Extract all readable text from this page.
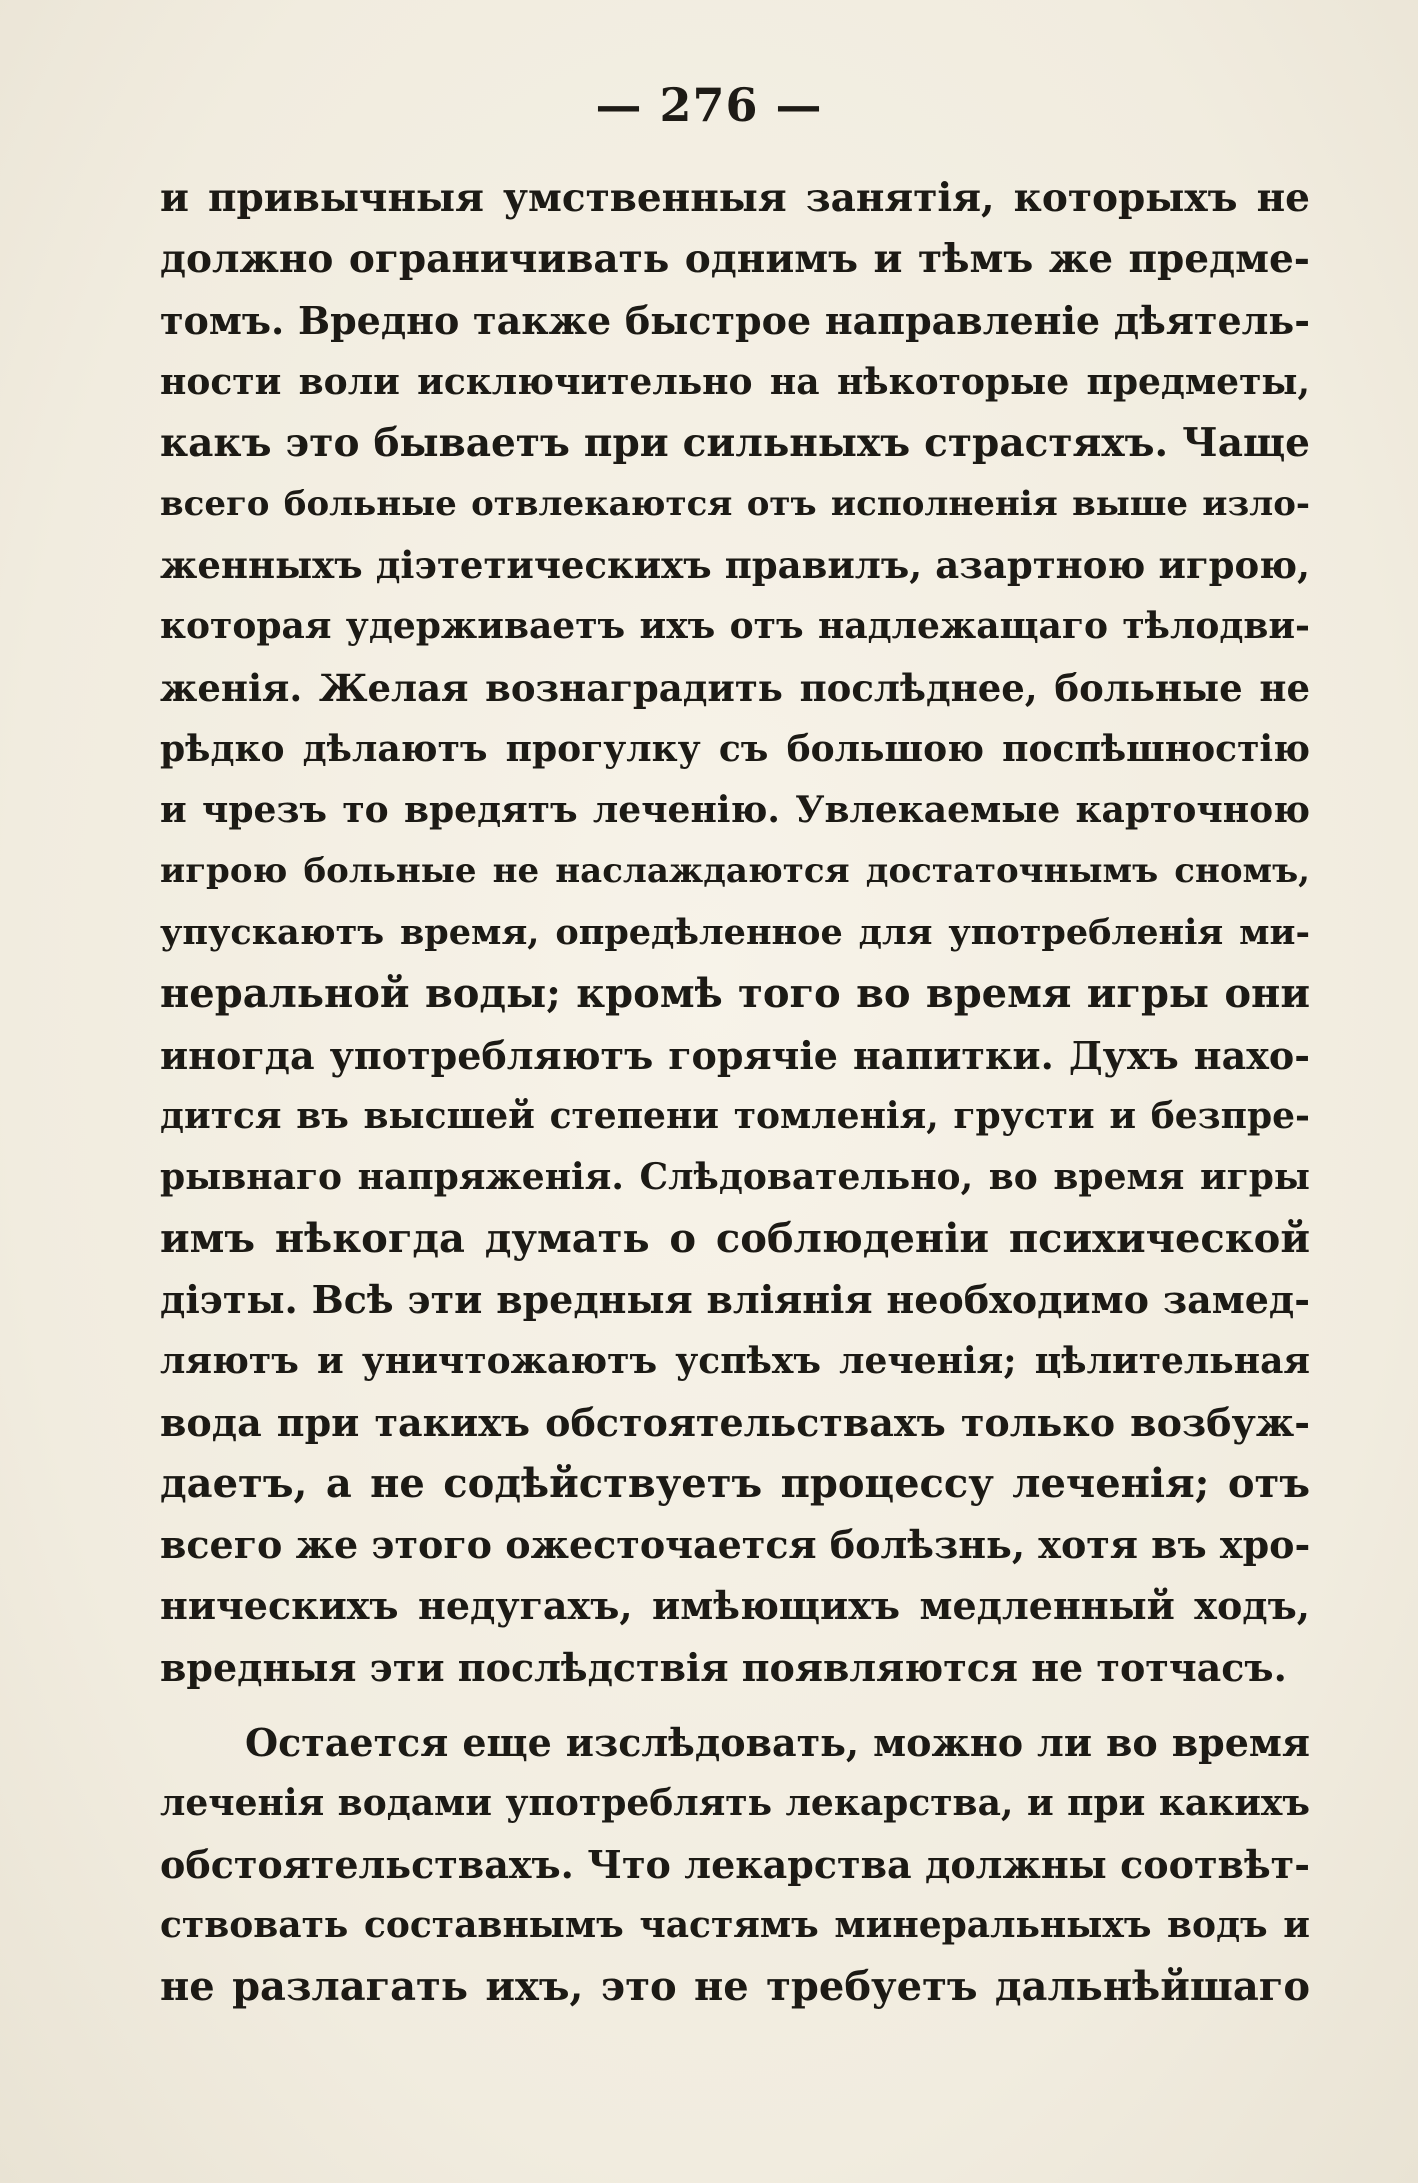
— 276 —
и привычныя умственныя занятія, которыхъ не
должно ограничивать однимъ и тѣмъ же предме-
томъ. Вредно также быстрое направленіе дѣятель-
ности воли исключительно на нѣкоторые предметы,
какъ это бываетъ при сильныхъ страстяхъ. Чаще
всего больные отвлекаются отъ исполненія выше изло-
женныхъ діэтетическихъ правилъ, азартною игрою,
которая удерживаетъ ихъ отъ надлежащаго тѣлодви-
женія. Желая вознаградить послѣднее, больные не
рѣдко дѣлаютъ прогулку съ большою поспѣшностію
и чрезъ то вредятъ леченію. Увлекаемые карточною
игрою больные не наслаждаются достаточнымъ сномъ,
упускаютъ время, опредѣленное для употребленія ми-
неральной воды; кромѣ того во время игры они
иногда употребляютъ горячіе напитки. Духъ нахо-
дится въ высшей степени томленія, грусти и безпре-
рывнаго напряженія. Слѣдовательно, во время игры
имъ нѣкогда думать о соблюденіи психической
діэты. Всѣ эти вредныя вліянія необходимо замед-
ляютъ и уничтожаютъ успѣхъ леченія; цѣлительная
вода при такихъ обстоятельствахъ только возбуж-
даетъ, а не содѣйствуетъ процессу леченія; отъ
всего же этого ожесточается болѣзнь, хотя въ хро-
ническихъ недугахъ, имѣющихъ медленный ходъ,
вредныя эти послѣдствія появляются не тотчасъ.
Остается еще изслѣдовать, можно ли во время
леченія водами употреблять лекарства, и при какихъ
обстоятельствахъ. Что лекарства должны соотвѣт-
ствовать составнымъ частямъ минеральныхъ водъ и
не разлагать ихъ, это не требуетъ дальнѣйшаго
